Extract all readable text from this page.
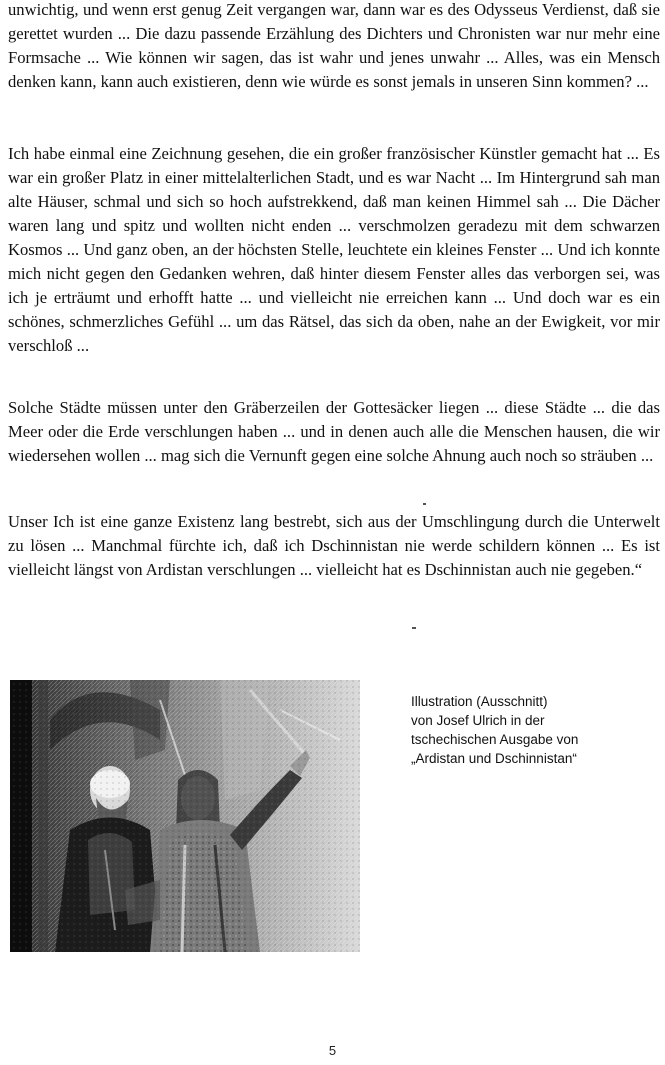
unwichtig, und wenn erst genug Zeit vergangen war, dann war es des Odysseus Verdienst, daß sie gerettet wurden ... Die dazu passende Erzählung des Dichters und Chronisten war nur mehr eine Formsache ... Wie können wir sagen, das ist wahr und jenes unwahr ... Alles, was ein Mensch denken kann, kann auch existieren, denn wie würde es sonst jemals in unseren Sinn kommen? ...

Ich habe einmal eine Zeichnung gesehen, die ein großer französischer Künstler gemacht hat ... Es war ein großer Platz in einer mittelalterlichen Stadt, und es war Nacht ... Im Hintergrund sah man alte Häuser, schmal und sich so hoch aufstrekkend, daß man keinen Himmel sah ... Die Dächer waren lang und spitz und wollten nicht enden ... verschmolzen geradezu mit dem schwarzen Kosmos ... Und ganz oben, an der höchsten Stelle, leuchtete ein kleines Fenster ... Und ich konnte mich nicht gegen den Gedanken wehren, daß hinter diesem Fenster alles das verborgen sei, was ich je erträumt und erhofft hatte ... und vielleicht nie erreichen kann ... Und doch war es ein schönes, schmerzliches Gefühl ... um das Rätsel, das sich da oben, nahe an der Ewigkeit, vor mir verschloß ...

Solche Städte müssen unter den Gräberzeilen der Gottesäcker liegen ... diese Städte ... die das Meer oder die Erde verschlungen haben ... und in denen auch alle die Menschen hausen, die wir wiedersehen wollen ... mag sich die Vernunft gegen eine solche Ahnung auch noch so sträuben ...

Unser Ich ist eine ganze Existenz lang bestrebt, sich aus der Umschlingung durch die Unterwelt zu lösen ... Manchmal fürchte ich, daß ich Dschinnistan nie werde schildern können ... Es ist vielleicht längst von Ardistan verschlungen ... vielleicht hat es Dschinnistan auch nie gegeben.“

Illustration (Ausschnitt)
von Josef Ulrich in der
tschechischen Ausgabe von
„Ardistan und Dschinnistan“
5
